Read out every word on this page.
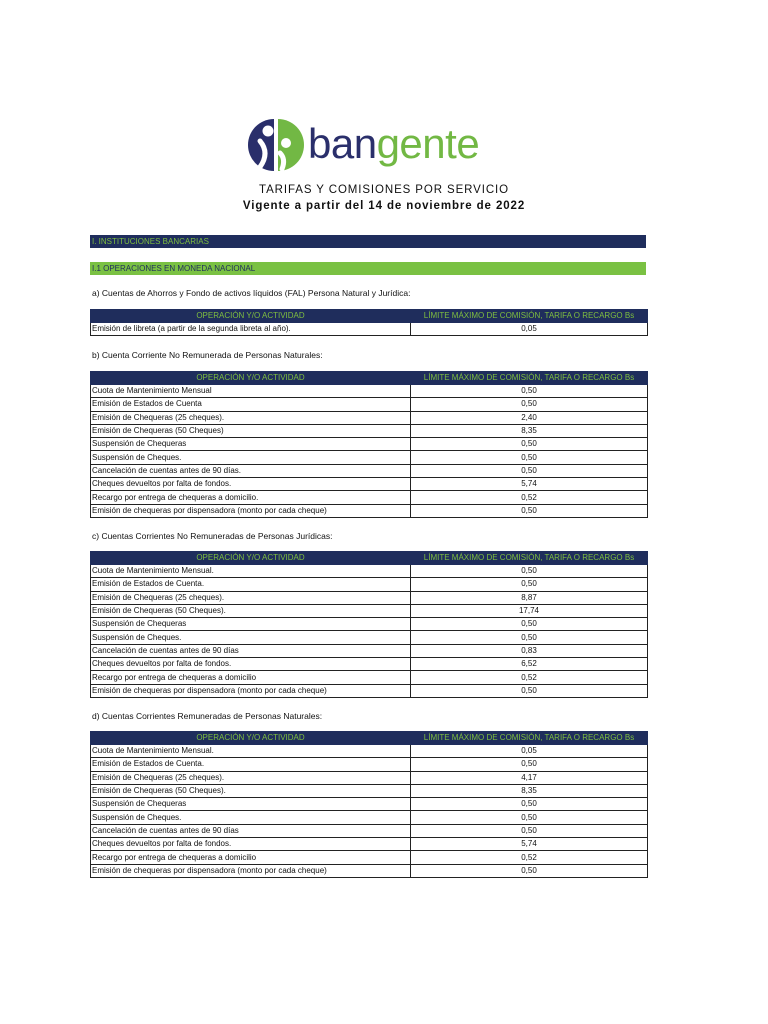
bangente
TARIFAS Y COMISIONES POR SERVICIO
Vigente a partir del 14 de noviembre de 2022
I. INSTITUCIONES BANCARIAS
I.1 OPERACIONES EN MONEDA NACIONAL
a) Cuentas de Ahorros y Fondo de activos líquidos (FAL) Persona Natural y Jurídica:
OPERACIÓN Y/O ACTIVIDAD	LÍMITE MÁXIMO DE COMISIÓN, TARIFA O RECARGO Bs
Emisión de libreta (a partir de la segunda libreta al año).	0,05
b) Cuenta Corriente No Remunerada de Personas Naturales:
OPERACIÓN Y/O ACTIVIDAD	LÍMITE MÁXIMO DE COMISIÓN, TARIFA O RECARGO Bs
Cuota de Mantenimiento Mensual	0,50
Emisión de Estados de Cuenta	0,50
Emisión de Chequeras (25 cheques).	2,40
Emisión de Chequeras (50 Cheques)	8,35
Suspensión de Chequeras	0,50
Suspensión de Cheques.	0,50
Cancelación de cuentas antes de 90 días.	0,50
Cheques devueltos por falta de fondos.	5,74
Recargo por entrega de chequeras a domicilio.	0,52
Emisión de chequeras por dispensadora (monto por cada cheque)	0,50
c) Cuentas Corrientes No Remuneradas de Personas Jurídicas:
OPERACIÓN Y/O ACTIVIDAD	LÍMITE MÁXIMO DE COMISIÓN, TARIFA O RECARGO Bs
Cuota de Mantenimiento Mensual.	0,50
Emisión de Estados de Cuenta.	0,50
Emisión de Chequeras (25 cheques).	8,87
Emisión de Chequeras (50 Cheques).	17,74
Suspensión de Chequeras	0,50
Suspensión de Cheques.	0,50
Cancelación de cuentas antes de 90 días	0,83
Cheques devueltos por falta de fondos.	6,52
Recargo por entrega de chequeras a domicilio	0,52
Emisión de chequeras por dispensadora (monto por cada cheque)	0,50
d) Cuentas Corrientes Remuneradas de Personas Naturales:
OPERACIÓN Y/O ACTIVIDAD	LÍMITE MÁXIMO DE COMISIÓN, TARIFA O RECARGO Bs
Cuota de Mantenimiento Mensual.	0,05
Emisión de Estados de Cuenta.	0,50
Emisión de Chequeras (25 cheques).	4,17
Emisión de Chequeras (50 Cheques).	8,35
Suspensión de Chequeras	0,50
Suspensión de Cheques.	0,50
Cancelación de cuentas antes de 90 días	0,50
Cheques devueltos por falta de fondos.	5,74
Recargo por entrega de chequeras a domicilio	0,52
Emisión de chequeras por dispensadora (monto por cada cheque)	0,50
